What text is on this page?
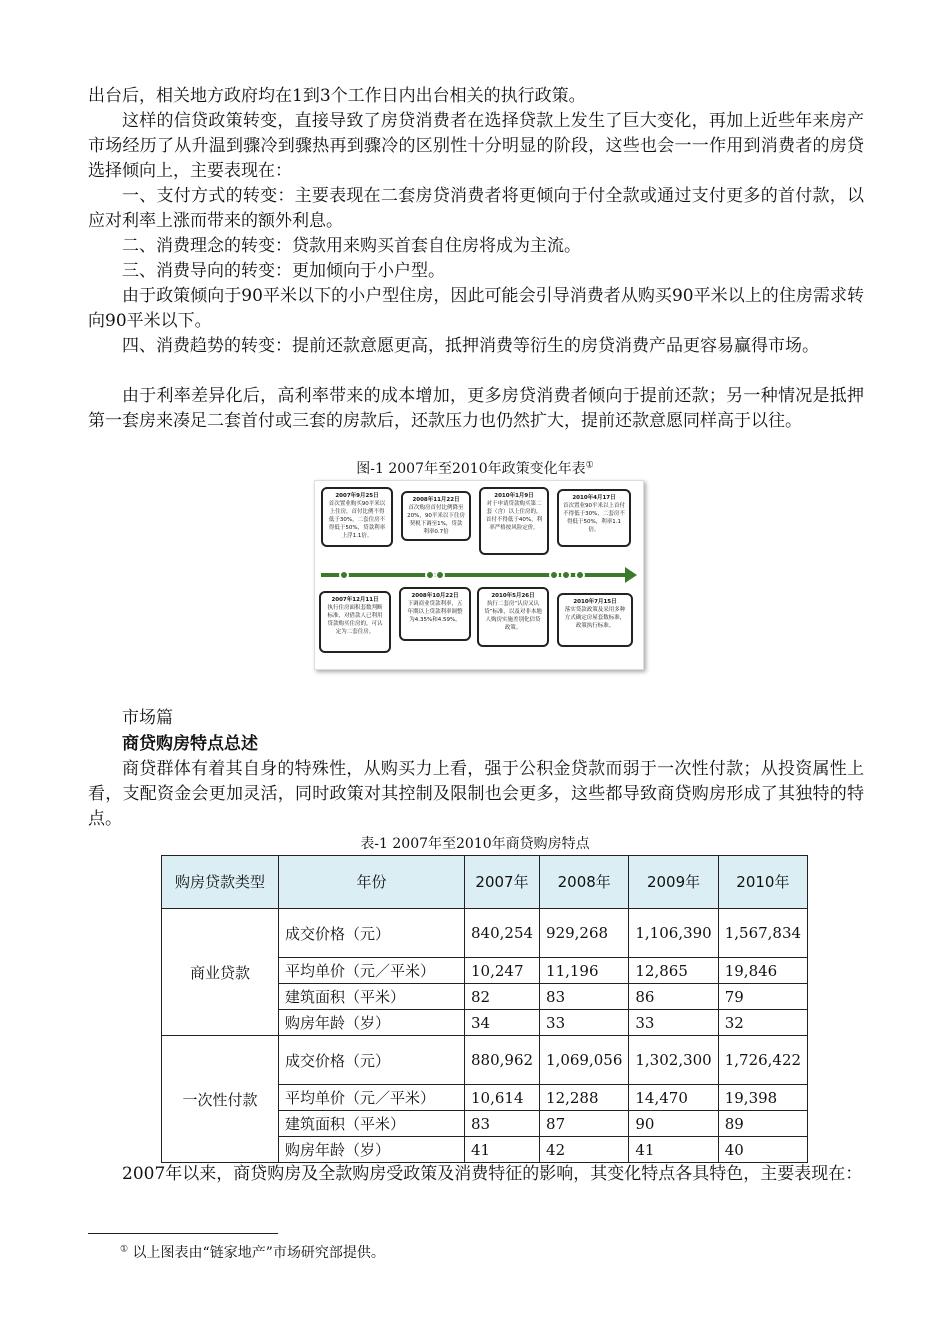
出台后，相关地方政府均在1到3个工作日内出台相关的执行政策。

这样的信贷政策转变，直接导致了房贷消费者在选择贷款上发生了巨大变化，再加上近些年来房产市场经历了从升温到骤冷到骤热再到骤冷的区别性十分明显的阶段，这些也会一一作用到消费者的房贷选择倾向上，主要表现在：

一、支付方式的转变：主要表现在二套房贷消费者将更倾向于付全款或通过支付更多的首付款，以应对利率上涨而带来的额外利息。

二、消费理念的转变：贷款用来购买首套自住房将成为主流。

三、消费导向的转变：更加倾向于小户型。

由于政策倾向于90平米以下的小户型住房，因此可能会引导消费者从购买90平米以上的住房需求转向90平米以下。

四、消费趋势的转变：提前还款意愿更高，抵押消费等衍生的房贷消费产品更容易赢得市场。

由于利率差异化后，高利率带来的成本增加，更多房贷消费者倾向于提前还款；另一种情况是抵押第一套房来凑足二套首付或三套的房款后，还款压力也仍然扩大，提前还款意愿同样高于以往。

图-1 2007年至2010年政策变化年表①
2007年9月25日
首次置业购买90平米以上住房，首付比例不得低于30%，二套住房不得低于50%，贷款利率上浮1.1倍。
2008年11月22日
首次购房首付比例降至20%，90平米以下住房契税下调至1%，贷款利率0.7倍
2010年1月9日
对于申请贷款购买第二套（含）以上住房的，首付不得低于40%，利率严格按风险定价。
2010年4月17日
首次置业90平米以上首付不得低于30%，二套房不得低于50%，利率1.1倍。
2007年12月11日
执行住房面积套数判断标准，对借款人已利用贷款购买住房的，可认定为二套住房。
2008年10月22日
下调商业贷款利率，五年期以上贷款利率调整为4.35%和4.59%。
2010年5月26日
执行二套房“认房又认贷”标准，以及对非本地人购房实施差别化信贷政策。
2010年7月15日
落实贷款政策及采用多种方式确定房屋套数标准，政策执行标准。
市场篇
商贷购房特点总述

商贷群体有着其自身的特殊性，从购买力上看，强于公积金贷款而弱于一次性付款；从投资属性上看，支配资金会更加灵活，同时政策对其控制及限制也会更多，这些都导致商贷购房形成了其独特的特点。

表-1 2007年至2010年商贷购房特点
购房贷款类型	年份	2007年	2008年	2009年	2010年
商业贷款	成交价格（元）	840,254	929,268	1,106,390	1,567,834
	平均单价（元／平米）	10,247	11,196	12,865	19,846
	建筑面积（平米）	82	83	86	79
	购房年龄（岁）	34	33	33	32
一次性付款	成交价格（元）	880,962	1,069,056	1,302,300	1,726,422
	平均单价（元／平米）	10,614	12,288	14,470	19,398
	建筑面积（平米）	83	87	90	89
	购房年龄（岁）	41	42	41	40

2007年以来，商贷购房及全款购房受政策及消费特征的影响，其变化特点各具特色，主要表现在：

① 以上图表由“链家地产”市场研究部提供。
